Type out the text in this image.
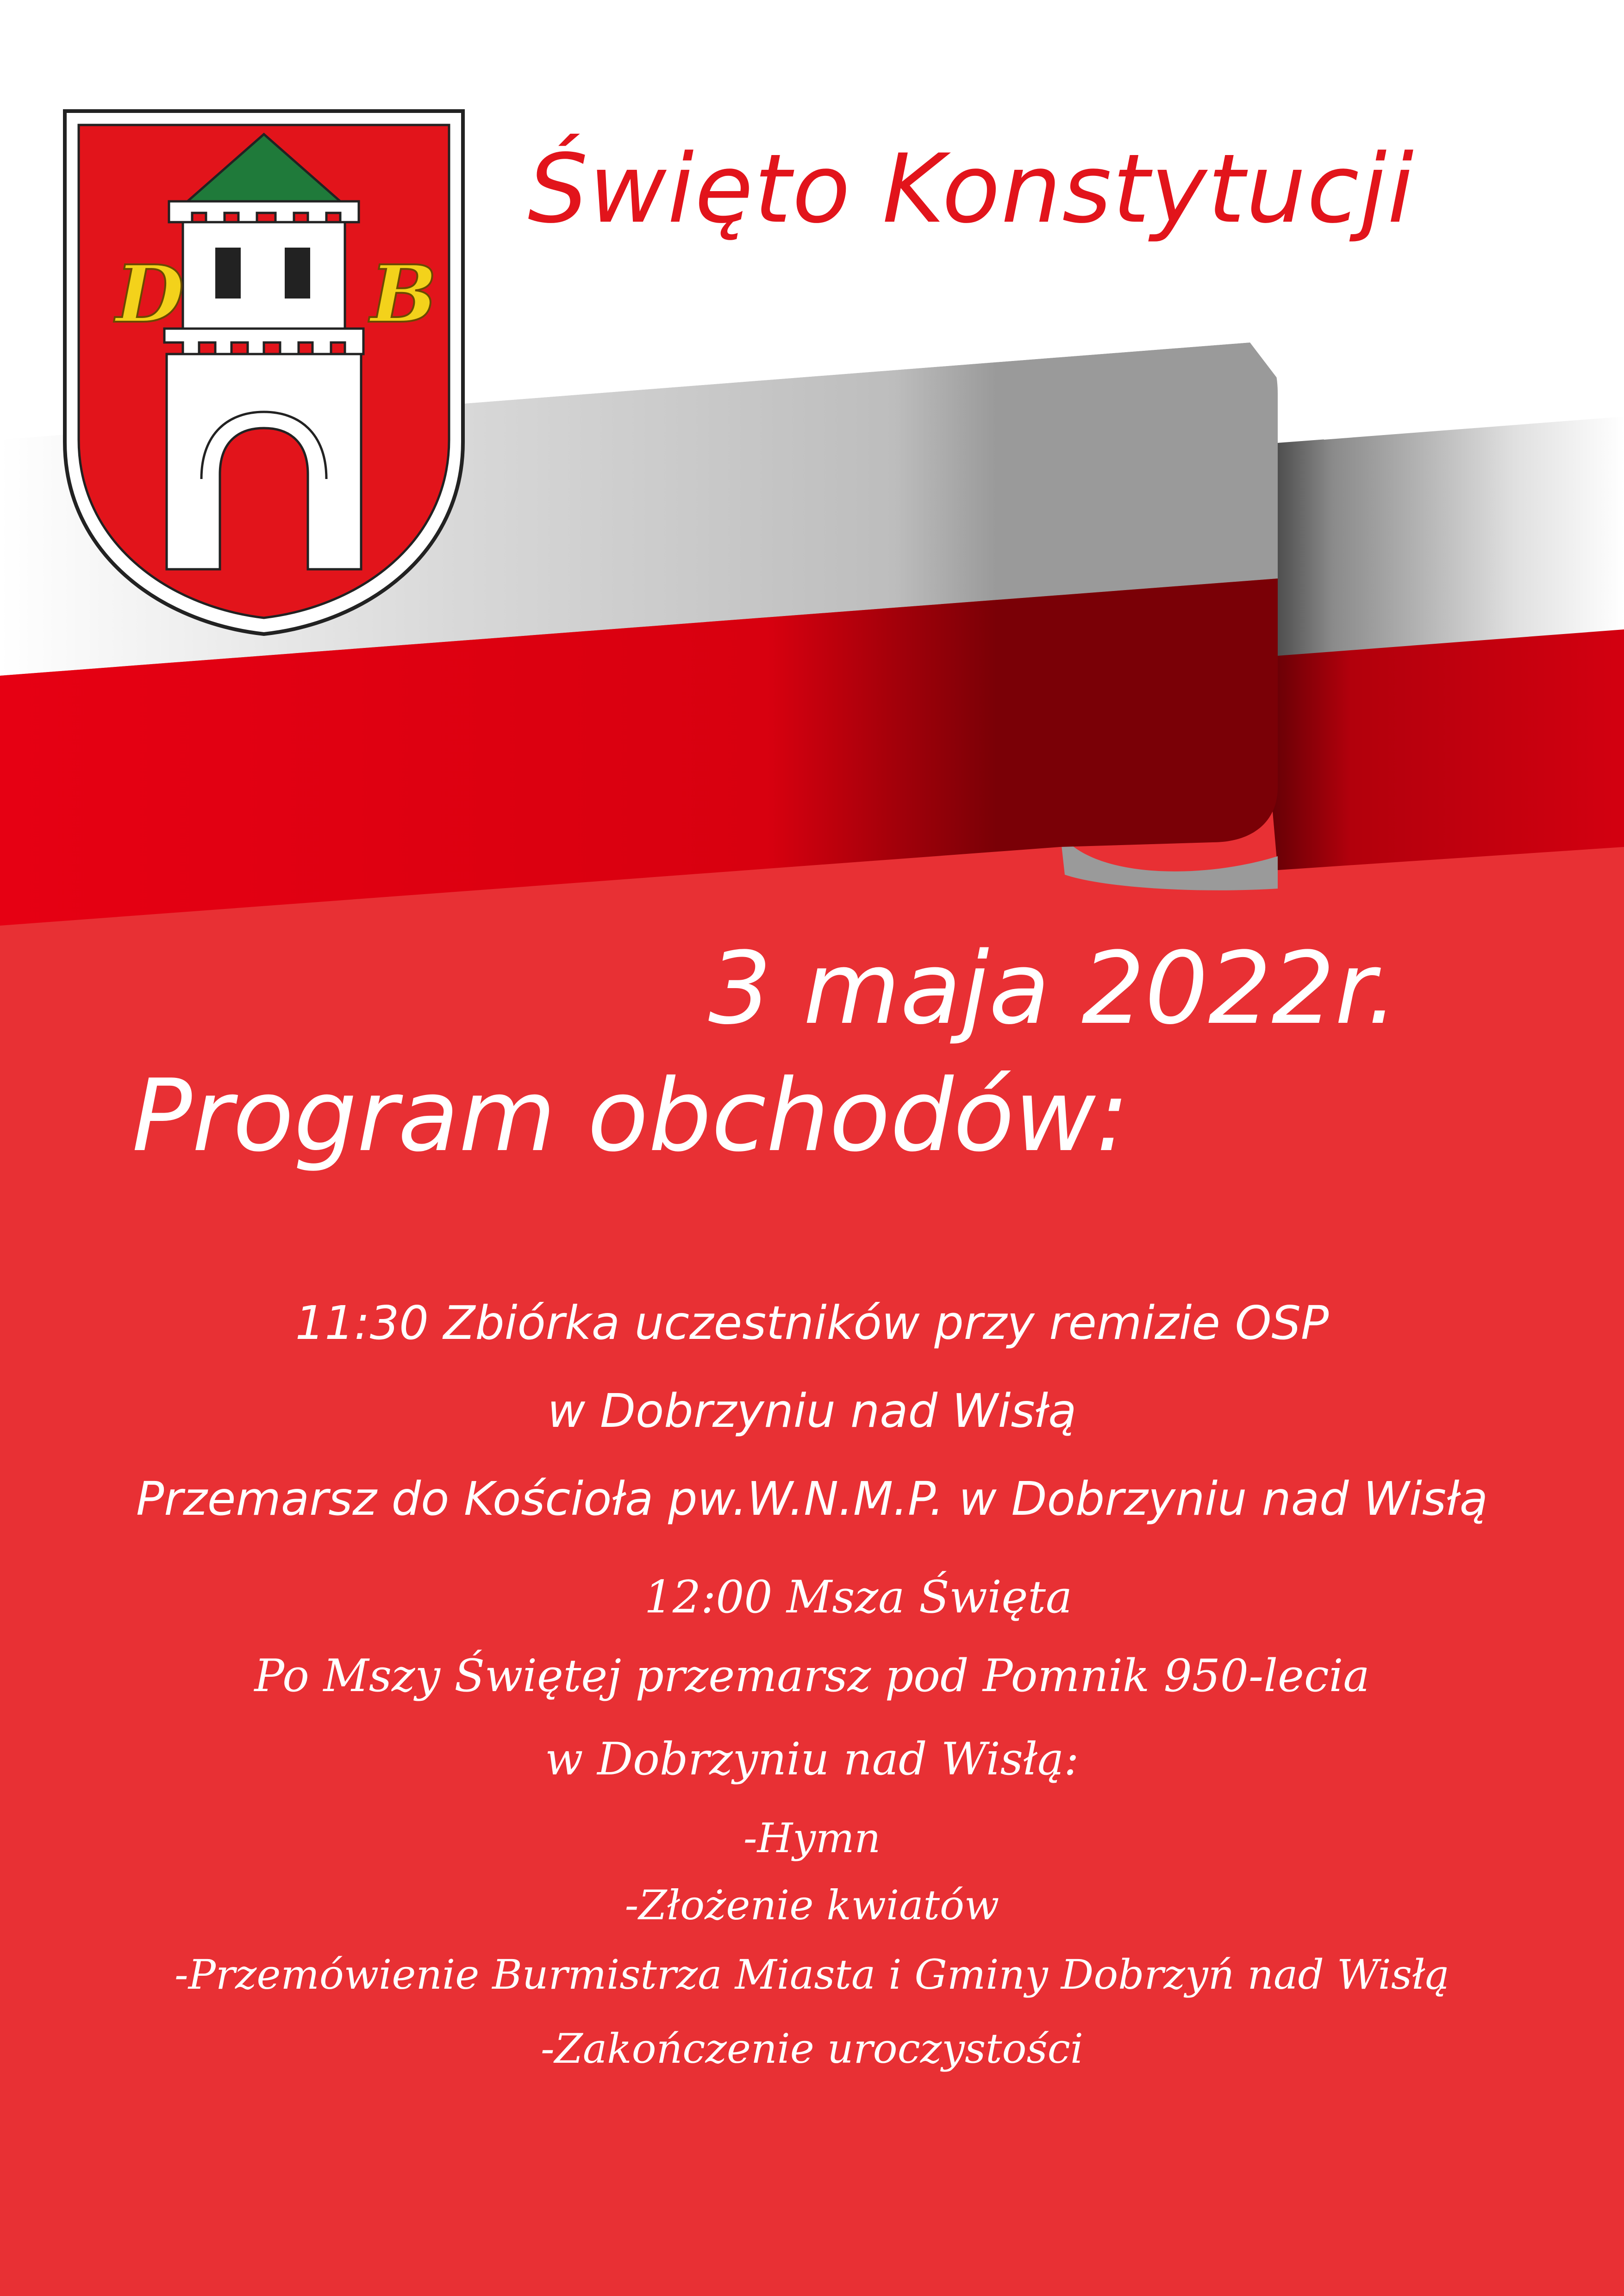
D B
Święto Konstytucji
3 maja 2022r.
Program obchodów:
11:30 Zbiórka uczestników przy remizie OSP
w Dobrzyniu nad Wisłą
Przemarsz do Kościoła pw.W.N.M.P. w Dobrzyniu nad Wisłą
12:00 Msza Święta
Po Mszy Świętej przemarsz pod Pomnik 950-lecia
w Dobrzyniu nad Wisłą:
-Hymn
-Złożenie kwiatów
-Przemówienie Burmistrza Miasta i Gminy Dobrzyń nad Wisłą
-Zakończenie uroczystości
